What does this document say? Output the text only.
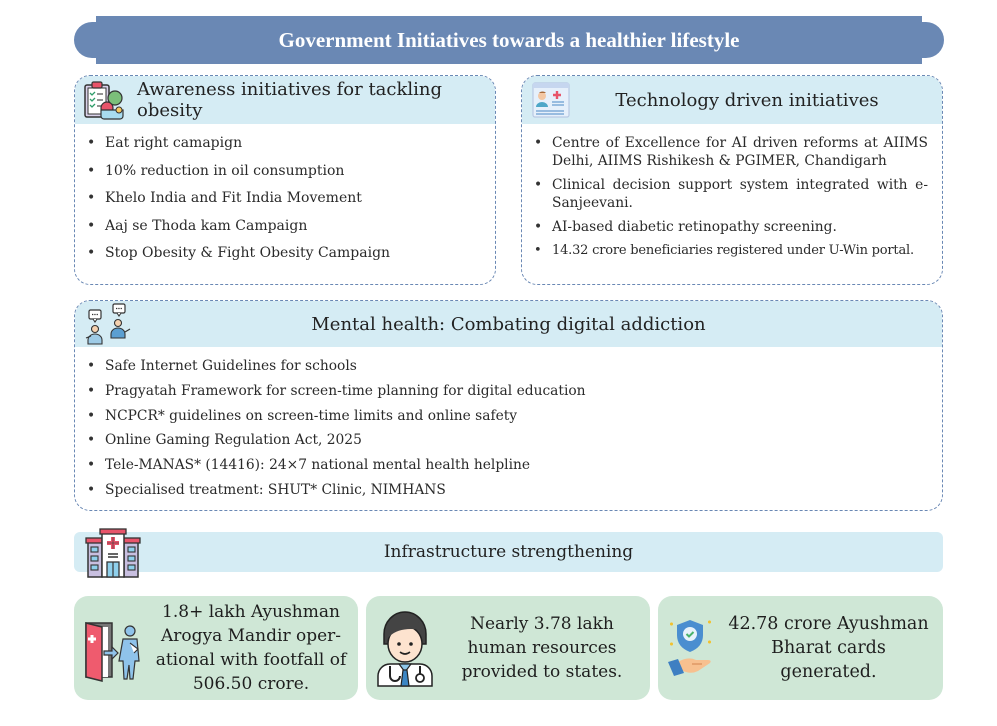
Government Initiatives towards a healthier lifestyle
Awareness initiatives for tackling obesity
• Eat right camapign
• 10% reduction in oil consumption
• Khelo India and Fit India Movement
• Aaj se Thoda kam Campaign
• Stop Obesity & Fight Obesity Campaign
Technology driven initiatives
• Centre of Excellence for AI driven reforms at AIIMS Delhi, AIIMS Rishikesh & PGIMER, Chandigarh
• Clinical decision support system integrated with e-Sanjeevani.
• AI-based diabetic retinopathy screening.
• 14.32 crore beneficiaries registered under U-Win portal.
Mental health: Combating digital addiction
• Safe Internet Guidelines for schools
• Pragyatah Framework for screen-time planning for digital education
• NCPCR* guidelines on screen-time limits and online safety
• Online Gaming Regulation Act, 2025
• Tele-MANAS* (14416): 24×7 national mental health helpline
• Specialised treatment: SHUT* Clinic, NIMHANS
Infrastructure strengthening
1.8+ lakh Ayushman Arogya Mandir oper-ational with footfall of 506.50 crore.
Nearly 3.78 lakh human resources provided to states.
42.78 crore Ayushman Bharat cards generated.
